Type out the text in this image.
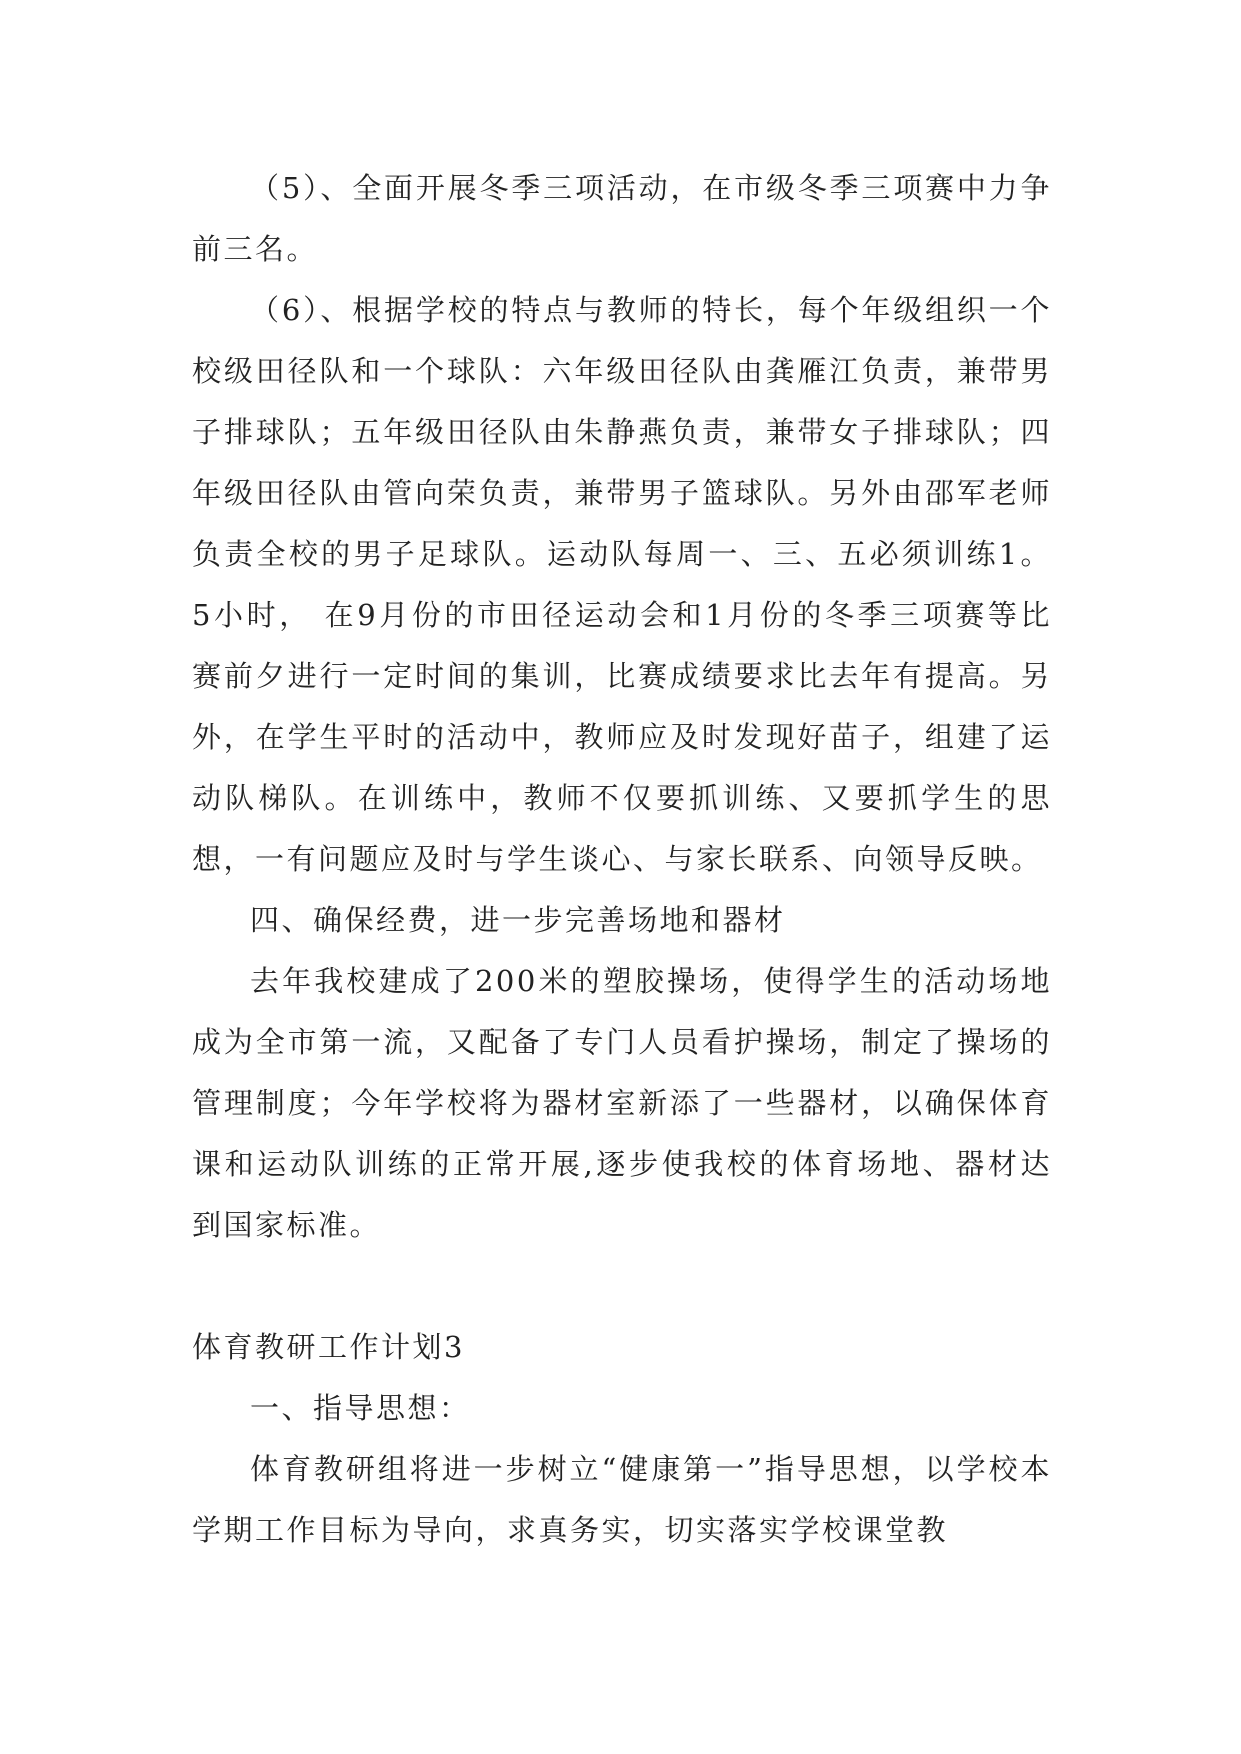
（5）、全面开展冬季三项活动，在市级冬季三项赛中力争前三名。

（6）、根据学校的特点与教师的特长，每个年级组织一个校级田径队和一个球队：六年级田径队由龚雁江负责，兼带男子排球队；五年级田径队由朱静燕负责，兼带女子排球队；四年级田径队由管向荣负责，兼带男子篮球队。另外由邵军老师负责全校的男子足球队。运动队每周一、三、五必须训练1。5小时， 在9月份的市田径运动会和1月份的冬季三项赛等比赛前夕进行一定时间的集训，比赛成绩要求比去年有提高。另外，在学生平时的活动中，教师应及时发现好苗子，组建了运动队梯队。在训练中，教师不仅要抓训练、又要抓学生的思想，一有问题应及时与学生谈心、与家长联系、向领导反映。

四、确保经费，进一步完善场地和器材

去年我校建成了200米的塑胶操场，使得学生的活动场地成为全市第一流，又配备了专门人员看护操场，制定了操场的管理制度；今年学校将为器材室新添了一些器材，以确保体育课和运动队训练的正常开展,逐步使我校的体育场地、器材达到国家标准。

体育教研工作计划3

一、指导思想：

体育教研组将进一步树立“健康第一”指导思想，以学校本学期工作目标为导向，求真务实，切实落实学校课堂教
